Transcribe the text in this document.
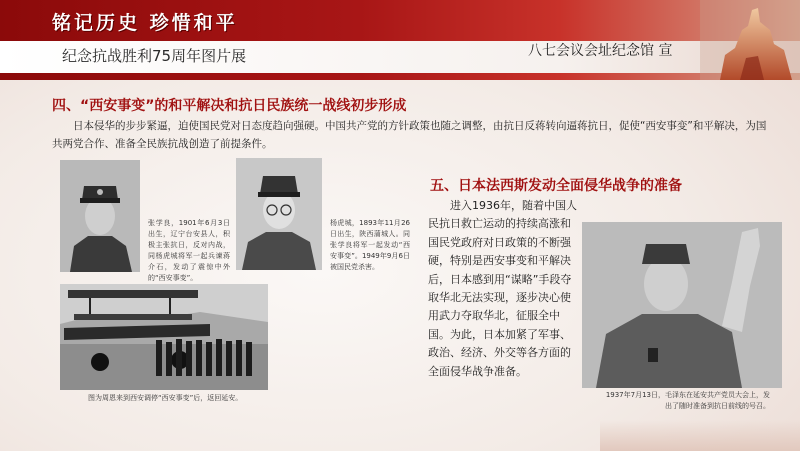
铭记历史 珍惜和平
纪念抗战胜利75周年图片展	八七会议会址纪念馆 宣
四、“西安事变”的和平解决和抗日民族统一战线初步形成
日本侵华的步步紧逼，迫使国民党对日态度趋向强硬。中国共产党的方针政策也随之调整，由抗日反蒋转向逼蒋抗日，促使“西安事变”和平解决，为国共两党合作、准备全民族抗战创造了前提条件。
张学良，1901年6月3日出生，辽宁台安县人，积极主张抗日，反对内战，同杨虎城将军一起兵谏蒋介石，发动了震惊中外的“西安事变”。
杨虎城，1893年11月26日出生，陕西蒲城人。同张学良将军一起发动“西安事变”。1949年9月6日被国民党杀害。
图为周恩来到西安调停“西安事变”后，返回延安。
五、日本法西斯发动全面侵华战争的准备
进入1936年，随着中国人民抗日救亡运动的持续高涨和国民党政府对日政策的不断强硬，特别是西安事变和平解决后，日本感到用“谋略”手段夺取华北无法实现，逐步决心使用武力夺取华北，征服全中国。为此，日本加紧了军事、政治、经济、外交等各方面的全面侵华战争准备。
1937年7月13日，毛泽东在延安共产党员大会上，发出了随时准备到抗日前线的号召。
